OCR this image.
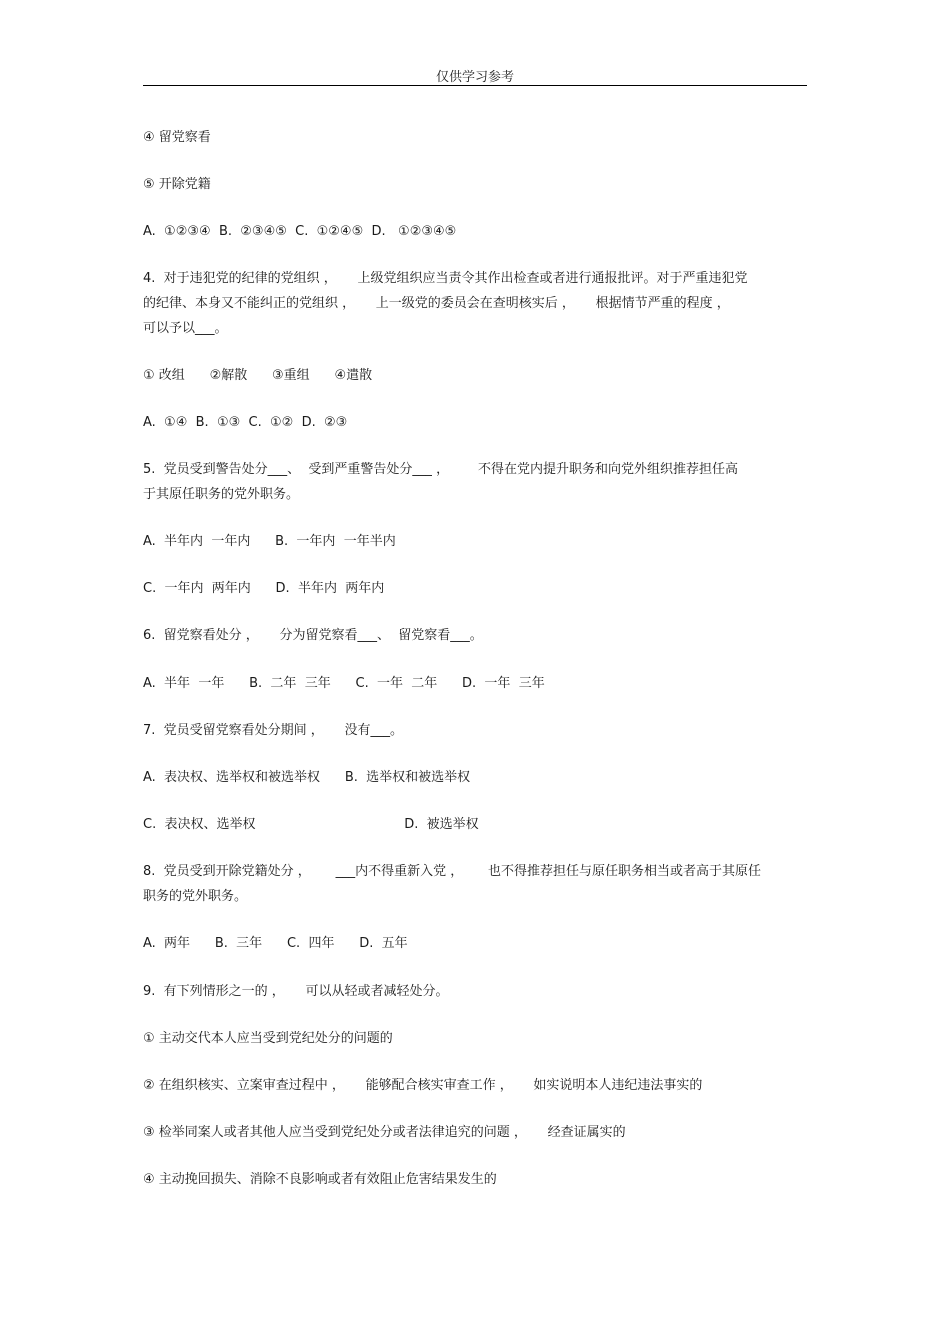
仅供学习参考
④ 留党察看
⑤ 开除党籍
A.  ①②③④  B.  ②③④⑤  C.  ①②④⑤  D.   ①②③④⑤
4.  对于违犯党的纪律的党组织 ，     上级党组织应当责令其作出检查或者进行通报批评。对于严重违犯党
的纪律、本身又不能纠正的党组织 ，     上一级党的委员会在查明核实后 ，     根据情节严重的程度 ，
可以予以___。
① 改组      ②解散      ③重组      ④遣散
A.  ①④  B.  ①③  C.  ①②  D.  ②③
5.  党员受到警告处分___、  受到严重警告处分___ ，       不得在党内提升职务和向党外组织推荐担任高
于其原任职务的党外职务。
A.  半年内  一年内      B.  一年内  一年半内
C.  一年内  两年内      D.  半年内  两年内
6.  留党察看处分 ，     分为留党察看___、  留党察看___。
A.  半年  一年      B.  二年  三年      C.  一年  二年      D.  一年  三年
7.  党员受留党察看处分期间 ，     没有___。
A.  表决权、选举权和被选举权      B.  选举权和被选举权
C.  表决权、选举权                                    D.  被选举权
8.  党员受到开除党籍处分 ，      ___内不得重新入党 ，      也不得推荐担任与原任职务相当或者高于其原任
职务的党外职务。
A.  两年      B.  三年      C.  四年      D.  五年
9.  有下列情形之一的 ，     可以从轻或者减轻处分。
① 主动交代本人应当受到党纪处分的问题的
② 在组织核实、立案审查过程中 ，     能够配合核实审查工作 ，     如实说明本人违纪违法事实的
③ 检举同案人或者其他人应当受到党纪处分或者法律追究的问题 ，     经查证属实的
④ 主动挽回损失、消除不良影响或者有效阻止危害结果发生的
